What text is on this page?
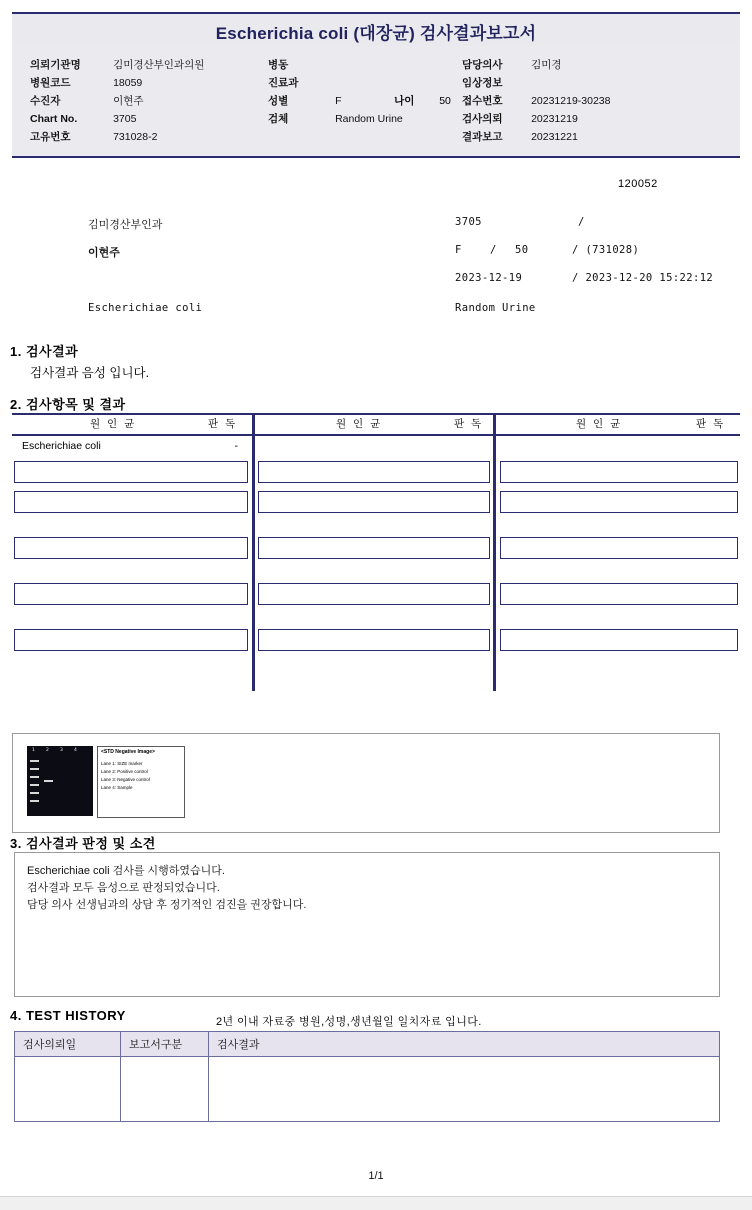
Escherichia coli (대장균) 검사결과보고서
의뢰기관명	김미경산부인과의원
병원코드	18059
수진자	이현주
Chart No.	3705
고유번호	731028-2
병동
진료과
성별	F	나이 50
검체	Random Urine
담당의사	김미경
임상정보
접수번호	20231219-30238
검사의뢰	20231219
결과보고	20231221
120052
김미경산부인과
이현주
Escherichiae coli
3705	/
F	/ 50	/ (731028)
2023-12-19	/ 2023-12-20 15:22:12
Random Urine
1. 검사결과
검사결과 음성 입니다.
2. 검사항목 및 결과
원 인 균	판 독	원 인 균	판 독	원 인 균	판 독
Escherichiae coli	-
1 2 3 4	<STD Negative Image>
Lane 1: SIZE marker
Lane 2: Positive control
Lane 3: Negative control
Lane 4: Sample
3. 검사결과 판정 및 소견

Escherichiae coli 검사를 시행하였습니다.

검사결과 모두 음성으로 판정되었습니다.

담당 의사 선생님과의 상담 후 정기적인 검진을 권장합니다.

4. TEST HISTORY	2년 이내 자료중 병원,성명,생년월일 일치자료 입니다.
검사의뢰일	보고서구분	검사결과

1/1
